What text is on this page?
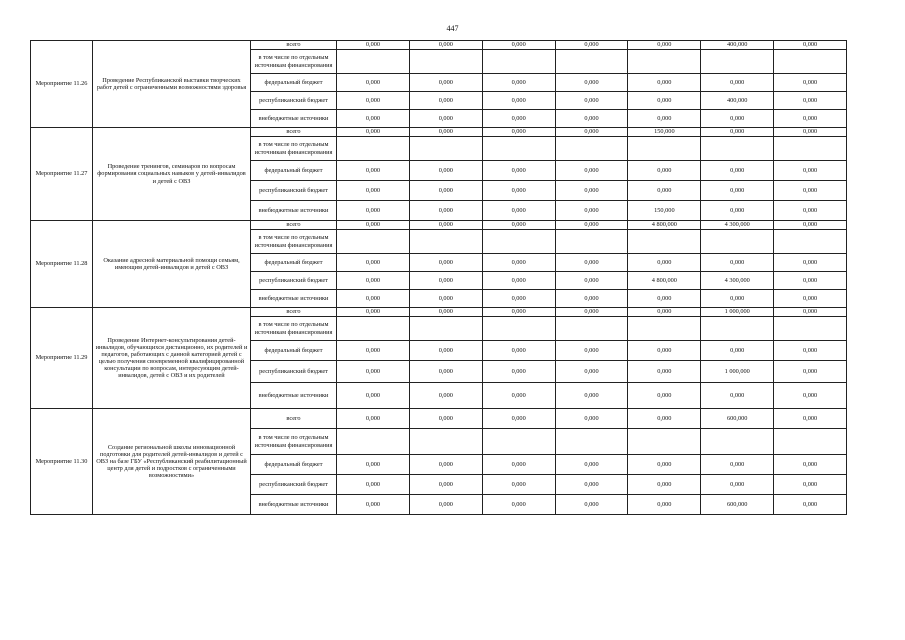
447
Мероприятие 11.26	Проведение Республиканской выставки творческих работ детей с ограниченными возможностями здоровья	всего	0,000	0,000	0,000	0,000	0,000	400,000	0,000
		в том числе по отдельным источникам финансирования							
		федеральный бюджет	0,000	0,000	0,000	0,000	0,000	0,000	0,000
		республиканский бюджет	0,000	0,000	0,000	0,000	0,000	400,000	0,000
		внебюджетные источники	0,000	0,000	0,000	0,000	0,000	0,000	0,000
Мероприятие 11.27	Проведение тренингов, семинаров по вопросам формирования социальных навыков у детей-инвалидов и детей с ОВЗ	всего	0,000	0,000	0,000	0,000	150,000	0,000	0,000
		в том числе по отдельным источникам финансирования							
		федеральный бюджет	0,000	0,000	0,000	0,000	0,000	0,000	0,000
		республиканский бюджет	0,000	0,000	0,000	0,000	0,000	0,000	0,000
		внебюджетные источники	0,000	0,000	0,000	0,000	150,000	0,000	0,000
Мероприятие 11.28	Оказание адресной материальной помощи семьям, имеющим детей-инвалидов и детей с ОВЗ	всего	0,000	0,000	0,000	0,000	4 800,000	4 300,000	0,000
		в том числе по отдельным источникам финансирования							
		федеральный бюджет	0,000	0,000	0,000	0,000	0,000	0,000	0,000
		республиканский бюджет	0,000	0,000	0,000	0,000	4 800,000	4 300,000	0,000
		внебюджетные источники	0,000	0,000	0,000	0,000	0,000	0,000	0,000
Мероприятие 11.29	Проведение Интернет-консультирования детей-инвалидов, обучающихся дистанционно, их родителей и педагогов, работающих с данной категорией детей с целью получения своевременной квалифицированной консультации по вопросам, интересующим детей-инвалидов, детей с ОВЗ и их родителей	всего	0,000	0,000	0,000	0,000	0,000	1 000,000	0,000
		в том числе по отдельным источникам финансирования							
		федеральный бюджет	0,000	0,000	0,000	0,000	0,000	0,000	0,000
		республиканский бюджет	0,000	0,000	0,000	0,000	0,000	1 000,000	0,000
		внебюджетные источники	0,000	0,000	0,000	0,000	0,000	0,000	0,000
Мероприятие 11.30	Создание региональной школы инновационной подготовки для родителей детей-инвалидов и детей с ОВЗ на базе ГБУ «Республиканский реабилитационный центр для детей и подростков с ограниченными возможностями»	всего	0,000	0,000	0,000	0,000	0,000	600,000	0,000
		в том числе по отдельным источникам финансирования							
		федеральный бюджет	0,000	0,000	0,000	0,000	0,000	0,000	0,000
		республиканский бюджет	0,000	0,000	0,000	0,000	0,000	0,000	0,000
		внебюджетные источники	0,000	0,000	0,000	0,000	0,000	600,000	0,000
